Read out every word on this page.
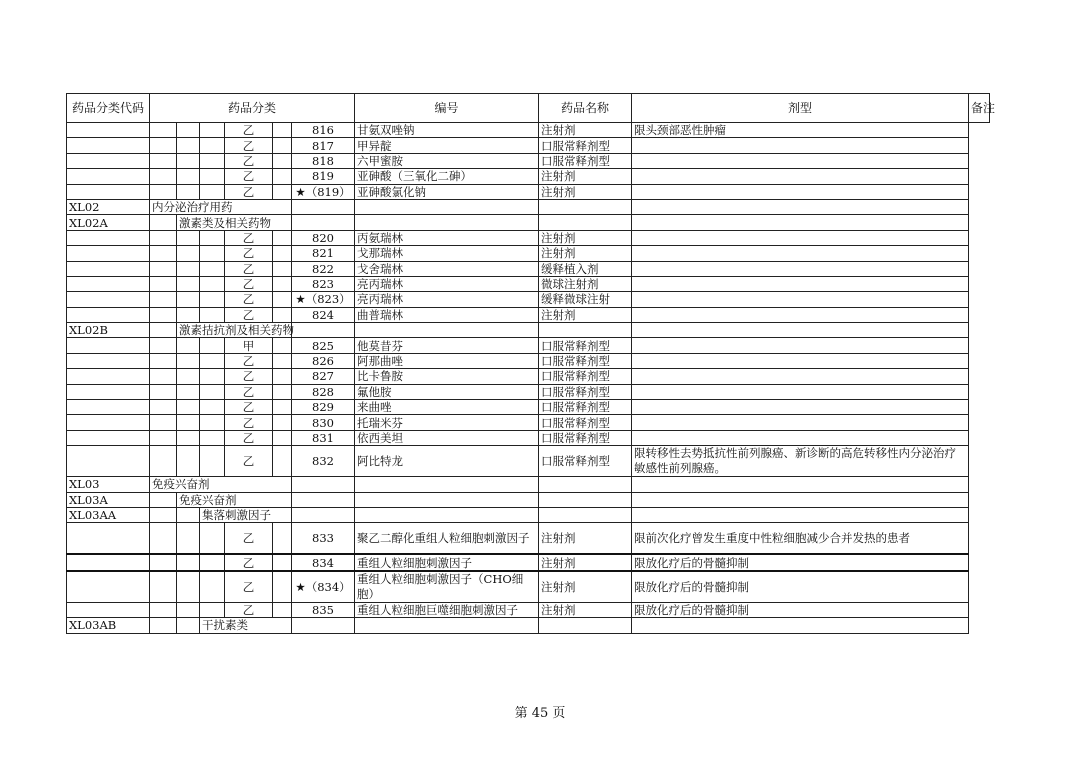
药品分类代码	药品分类						编号	药品名称	剂型	备注
				乙		816	甘氨双唑钠	注射剂	限头颈部恶性肿瘤	
				乙		817	甲异靛	口服常释剂型		
				乙		818	六甲蜜胺	口服常释剂型		
				乙		819	亚砷酸（三氧化二砷）	注射剂		
				乙		★（819）	亚砷酸氯化钠	注射剂		
XL02	内分泌治疗用药									
XL02A		激素类及相关药物								
				乙		820	丙氨瑞林	注射剂		
				乙		821	戈那瑞林	注射剂		
				乙		822	戈舍瑞林	缓释植入剂		
				乙		823	亮丙瑞林	微球注射剂		
				乙		★（823）	亮丙瑞林	缓释微球注射		
				乙		824	曲普瑞林	注射剂		
XL02B		激素拮抗剂及相关药物								
				甲		825	他莫昔芬	口服常释剂型		
				乙		826	阿那曲唑	口服常释剂型		
				乙		827	比卡鲁胺	口服常释剂型		
				乙		828	氟他胺	口服常释剂型		
				乙		829	来曲唑	口服常释剂型		
				乙		830	托瑞米芬	口服常释剂型		
				乙		831	依西美坦	口服常释剂型		
				乙		832	阿比特龙	口服常释剂型	限转移性去势抵抗性前列腺癌、新诊断的高危转移性内分泌治疗敏感性前列腺癌。	
XL03	免疫兴奋剂									
XL03A		免疫兴奋剂								
XL03AA			集落刺激因子							
				乙		833	聚乙二醇化重组人粒细胞刺激因子	注射剂	限前次化疗曾发生重度中性粒细胞减少合并发热的患者	
				乙		834	重组人粒细胞刺激因子	注射剂	限放化疗后的骨髓抑制	
				乙		★（834）	重组人粒细胞刺激因子（CHO细胞）	注射剂	限放化疗后的骨髓抑制	
				乙		835	重组人粒细胞巨噬细胞刺激因子	注射剂	限放化疗后的骨髓抑制	
XL03AB			干扰素类							
第 45 页
